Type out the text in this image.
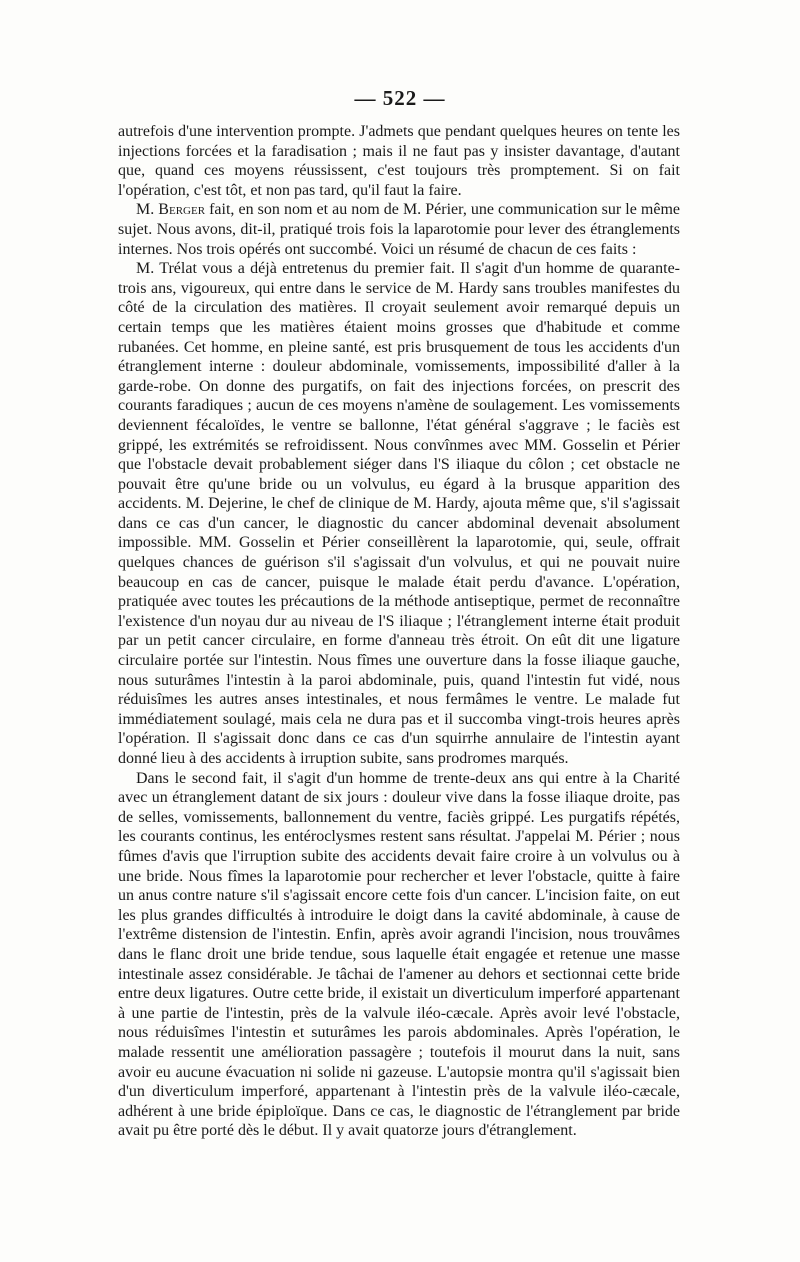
— 522 —

autrefois d'une intervention prompte. J'admets que pendant quelques heures on tente les injections forcées et la faradisation ; mais il ne faut pas y insister davantage, d'autant que, quand ces moyens réussissent, c'est toujours très promptement. Si on fait l'opération, c'est tôt, et non pas tard, qu'il faut la faire.

M. Berger fait, en son nom et au nom de M. Périer, une communication sur le même sujet. Nous avons, dit-il, pratiqué trois fois la laparotomie pour lever des étranglements internes. Nos trois opérés ont succombé. Voici un résumé de chacun de ces faits :

M. Trélat vous a déjà entretenus du premier fait. Il s'agit d'un homme de quarante-trois ans, vigoureux, qui entre dans le service de M. Hardy sans troubles manifestes du côté de la circulation des matières. Il croyait seulement avoir remarqué depuis un certain temps que les matières étaient moins grosses que d'habitude et comme rubanées. Cet homme, en pleine santé, est pris brusquement de tous les accidents d'un étranglement interne : douleur abdominale, vomissements, impossibilité d'aller à la garde-robe. On donne des purgatifs, on fait des injections forcées, on prescrit des courants faradiques ; aucun de ces moyens n'amène de soulagement. Les vomissements deviennent fécaloïdes, le ventre se ballonne, l'état général s'aggrave ; le faciès est grippé, les extrémités se refroidissent. Nous convînmes avec MM. Gosselin et Périer que l'obstacle devait probablement siéger dans l'S iliaque du côlon ; cet obstacle ne pouvait être qu'une bride ou un volvulus, eu égard à la brusque apparition des accidents. M. Dejerine, le chef de clinique de M. Hardy, ajouta même que, s'il s'agissait dans ce cas d'un cancer, le diagnostic du cancer abdominal devenait absolument impossible. MM. Gosselin et Périer conseillèrent la laparotomie, qui, seule, offrait quelques chances de guérison s'il s'agissait d'un volvulus, et qui ne pouvait nuire beaucoup en cas de cancer, puisque le malade était perdu d'avance. L'opération, pratiquée avec toutes les précautions de la méthode antiseptique, permet de reconnaître l'existence d'un noyau dur au niveau de l'S iliaque ; l'étranglement interne était produit par un petit cancer circulaire, en forme d'anneau très étroit. On eût dit une ligature circulaire portée sur l'intestin. Nous fîmes une ouverture dans la fosse iliaque gauche, nous suturâmes l'intestin à la paroi abdominale, puis, quand l'intestin fut vidé, nous réduisîmes les autres anses intestinales, et nous fermâmes le ventre. Le malade fut immédiatement soulagé, mais cela ne dura pas et il succomba vingt-trois heures après l'opération. Il s'agissait donc dans ce cas d'un squirrhe annulaire de l'intestin ayant donné lieu à des accidents à irruption subite, sans prodromes marqués.

Dans le second fait, il s'agit d'un homme de trente-deux ans qui entre à la Charité avec un étranglement datant de six jours : douleur vive dans la fosse iliaque droite, pas de selles, vomissements, ballonnement du ventre, faciès grippé. Les purgatifs répétés, les courants continus, les entéroclysmes restent sans résultat. J'appelai M. Périer ; nous fûmes d'avis que l'irruption subite des accidents devait faire croire à un volvulus ou à une bride. Nous fîmes la laparotomie pour rechercher et lever l'obstacle, quitte à faire un anus contre nature s'il s'agissait encore cette fois d'un cancer. L'incision faite, on eut les plus grandes difficultés à introduire le doigt dans la cavité abdominale, à cause de l'extrême distension de l'intestin. Enfin, après avoir agrandi l'incision, nous trouvâmes dans le flanc droit une bride tendue, sous laquelle était engagée et retenue une masse intestinale assez considérable. Je tâchai de l'amener au dehors et sectionnai cette bride entre deux ligatures. Outre cette bride, il existait un diverticulum imperforé appartenant à une partie de l'intestin, près de la valvule iléo-cæcale. Après avoir levé l'obstacle, nous réduisîmes l'intestin et suturâmes les parois abdominales. Après l'opération, le malade ressentit une amélioration passagère ; toutefois il mourut dans la nuit, sans avoir eu aucune évacuation ni solide ni gazeuse. L'autopsie montra qu'il s'agissait bien d'un diverticulum imperforé, appartenant à l'intestin près de la valvule iléo-cæcale, adhérent à une bride épiploïque. Dans ce cas, le diagnostic de l'étranglement par bride avait pu être porté dès le début. Il y avait quatorze jours d'étranglement.
